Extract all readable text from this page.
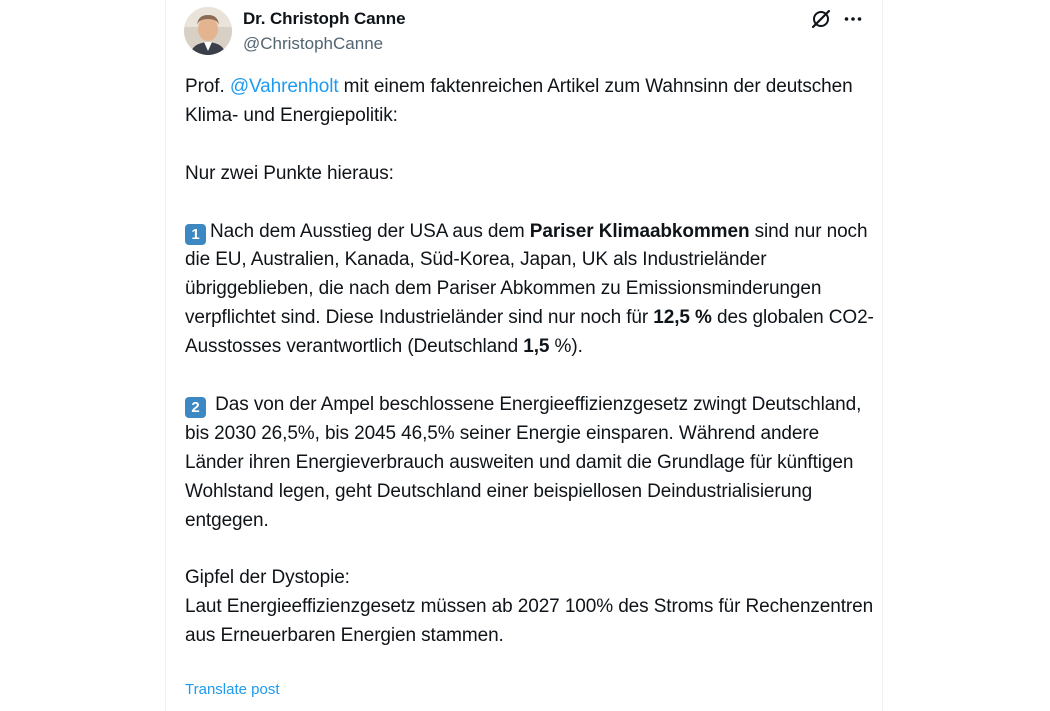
Dr. Christoph Canne
@ChristophCanne

Prof. @Vahrenholt mit einem faktenreichen Artikel zum Wahnsinn der deutschen Klima- und Energiepolitik:

Nur zwei Punkte hieraus:

1 Nach dem Ausstieg der USA aus dem Pariser Klimaabkommen sind nur noch die EU, Australien, Kanada, Süd-Korea, Japan, UK als Industrieländer übriggeblieben, die nach dem Pariser Abkommen zu Emissionsminderungen verpflichtet sind. Diese Industrieländer sind nur noch für 12,5 % des globalen CO2-Ausstosses verantwortlich (Deutschland 1,5 %).

2 Das von der Ampel beschlossene Energieeffizienzgesetz zwingt Deutschland, bis 2030 26,5%, bis 2045 46,5% seiner Energie einsparen. Während andere Länder ihren Energieverbrauch ausweiten und damit die Grundlage für künftigen Wohlstand legen, geht Deutschland einer beispiellosen Deindustrialisierung entgegen.

Gipfel der Dystopie:

Laut Energieeffizienzgesetz müssen ab 2027 100% des Stroms für Rechenzentren aus Erneuerbaren Energien stammen.

Translate post
